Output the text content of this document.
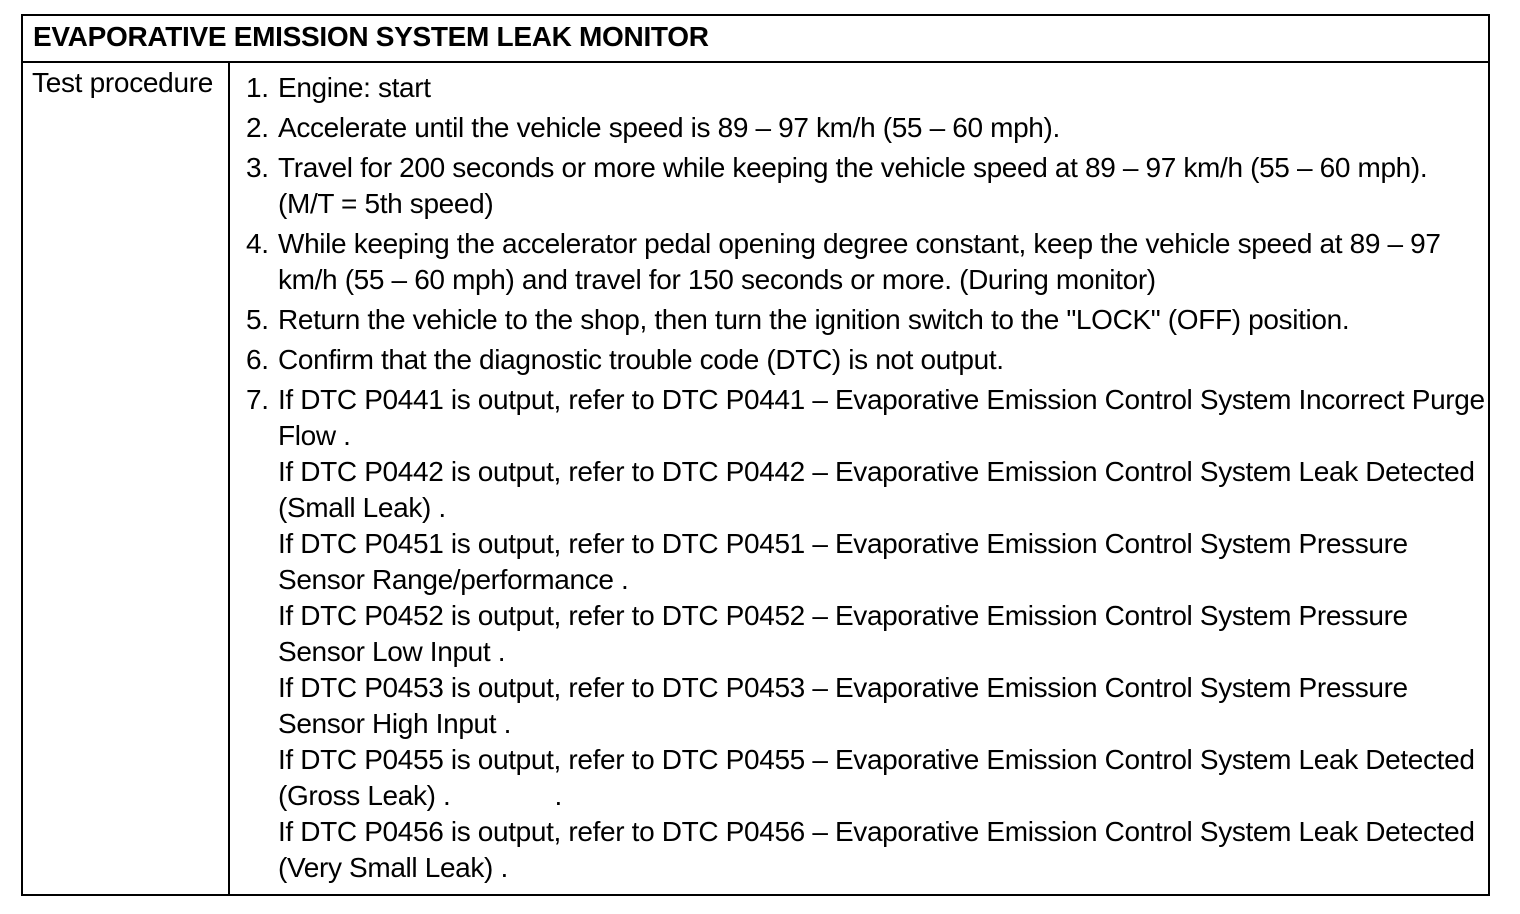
EVAPORATIVE EMISSION SYSTEM LEAK MONITOR
Test procedure	1. Engine: start
2. Accelerate until the vehicle speed is 89 – 97 km/h (55 – 60 mph).
3. Travel for 200 seconds or more while keeping the vehicle speed at 89 – 97 km/h (55 – 60 mph). (M/T = 5th speed)
4. While keeping the accelerator pedal opening degree constant, keep the vehicle speed at 89 – 97 km/h (55 – 60 mph) and travel for 150 seconds or more. (During monitor)
5. Return the vehicle to the shop, then turn the ignition switch to the "LOCK" (OFF) position.
6. Confirm that the diagnostic trouble code (DTC) is not output.
7. If DTC P0441 is output, refer to DTC P0441 – Evaporative Emission Control System Incorrect Purge Flow .
If DTC P0442 is output, refer to DTC P0442 – Evaporative Emission Control System Leak Detected (Small Leak) .
If DTC P0451 is output, refer to DTC P0451 – Evaporative Emission Control System Pressure Sensor Range/performance .
If DTC P0452 is output, refer to DTC P0452 – Evaporative Emission Control System Pressure Sensor Low Input .
If DTC P0453 is output, refer to DTC P0453 – Evaporative Emission Control System Pressure Sensor High Input .
If DTC P0455 is output, refer to DTC P0455 – Evaporative Emission Control System Leak Detected (Gross Leak) .              .
If DTC P0456 is output, refer to DTC P0456 – Evaporative Emission Control System Leak Detected (Very Small Leak) .
